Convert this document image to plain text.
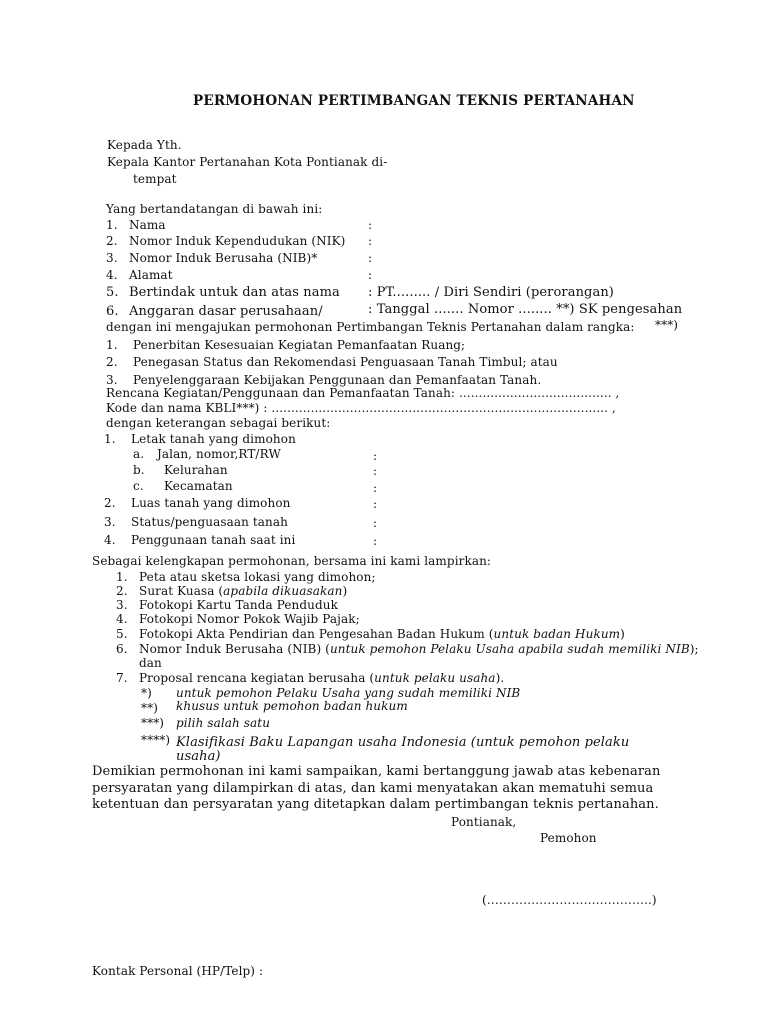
PERMOHONAN PERTIMBANGAN TEKNIS PERTANAHAN
Kepada Yth.
Kepala Kantor Pertanahan Kota Pontianak di-
tempat
Yang bertandatangan di bawah ini:
1. Nama	:
2. Nomor Induk Kependudukan (NIK) :
3. Nomor Induk Berusaha (NIB)*	:
4. Alamat	:
5. Bertindak untuk dan atas nama : PT......... / Diri Sendiri (perorangan)
6. Anggaran dasar perusahaan/	: Tanggal ....... Nomor ........ **) SK pengesahan
dengan ini mengajukan permohonan Pertimbangan Teknis Pertanahan dalam rangka: ***)
1. Penerbitan Kesesuaian Kegiatan Pemanfaatan Ruang;
2. Penegasan Status dan Rekomendasi Penguasaan Tanah Timbul; atau
3. Penyelenggaraan Kebijakan Penggunaan dan Pemanfaatan Tanah.
Rencana Kegiatan/Penggunaan dan Pemanfaatan Tanah: ....................................... ,
Kode dan nama KBLI***) : ...................................................................................... ,
dengan keterangan sebagai berikut:
1. Letak tanah yang dimohon
a. Jalan, nomor,RT/RW	:
b. Kelurahan	:
c. Kecamatan	:
2. Luas tanah yang dimohon	:
3. Status/penguasaan tanah	:
4. Penggunaan tanah saat ini	:
Sebagai kelengkapan permohonan, bersama ini kami lampirkan:
1. Peta atau sketsa lokasi yang dimohon;
2. Surat Kuasa (apabila dikuasakan)
3. Fotokopi Kartu Tanda Penduduk
4. Fotokopi Nomor Pokok Wajib Pajak;
5. Fotokopi Akta Pendirian dan Pengesahan Badan Hukum (untuk badan Hukum)
6. Nomor Induk Berusaha (NIB) (untuk pemohon Pelaku Usaha apabila sudah memiliki NIB);
dan
7. Proposal rencana kegiatan berusaha (untuk pelaku usaha).
*) untuk pemohon Pelaku Usaha yang sudah memiliki NIB
**) khusus untuk pemohon badan hukum
***) pilih salah satu
****) Klasifikasi Baku Lapangan usaha Indonesia (untuk pemohon pelaku
usaha)
Demikian permohonan ini kami sampaikan, kami bertanggung jawab atas kebenaran
persyaratan yang dilampirkan di atas, dan kami menyatakan akan mematuhi semua
ketentuan dan persyaratan yang ditetapkan dalam pertimbangan teknis pertanahan.
Pontianak,
Pemohon
(…………………………………..)
Kontak Personal (HP/Telp) :
